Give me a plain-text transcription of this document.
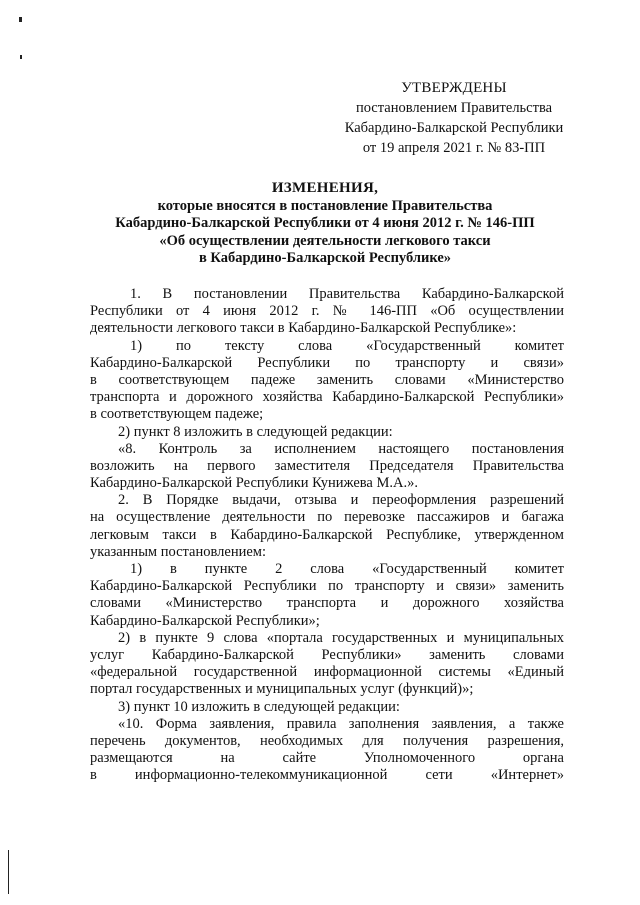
УТВЕРЖДЕНЫ
постановлением Правительства
Кабардино-Балкарской Республики
от 19 апреля 2021 г. № 83-ПП
ИЗМЕНЕНИЯ,
которые вносятся в постановление Правительства
Кабардино-Балкарской Республики от 4 июня 2012 г. № 146-ПП
«Об осуществлении деятельности легкового такси
в Кабардино-Балкарской Республике»
1. В постановлении Правительства Кабардино-Балкарской
Республики от 4 июня 2012 г. № 146-ПП «Об осуществлении
деятельности легкового такси в Кабардино-Балкарской Республике»:
1) по тексту слова «Государственный комитет
Кабардино-Балкарской Республики по транспорту и связи»
в соответствующем падеже заменить словами «Министерство
транспорта и дорожного хозяйства Кабардино-Балкарской Республики»
в соответствующем падеже;
2) пункт 8 изложить в следующей редакции:
«8. Контроль за исполнением настоящего постановления
возложить на первого заместителя Председателя Правительства
Кабардино-Балкарской Республики Кунижева М.А.».
2. В Порядке выдачи, отзыва и переоформления разрешений
на осуществление деятельности по перевозке пассажиров и багажа
легковым такси в Кабардино-Балкарской Республике, утвержденном
указанным постановлением:
1) в пункте 2 слова «Государственный комитет
Кабардино-Балкарской Республики по транспорту и связи» заменить
словами «Министерство транспорта и дорожного хозяйства
Кабардино-Балкарской Республики»;
2) в пункте 9 слова «портала государственных и муниципальных
услуг Кабардино-Балкарской Республики» заменить словами
«федеральной государственной информационной системы «Единый
портал государственных и муниципальных услуг (функций)»;
3) пункт 10 изложить в следующей редакции:
«10. Форма заявления, правила заполнения заявления, а также
перечень документов, необходимых для получения разрешения,
размещаются на сайте Уполномоченного органа
в информационно-телекоммуникационной сети «Интернет»
